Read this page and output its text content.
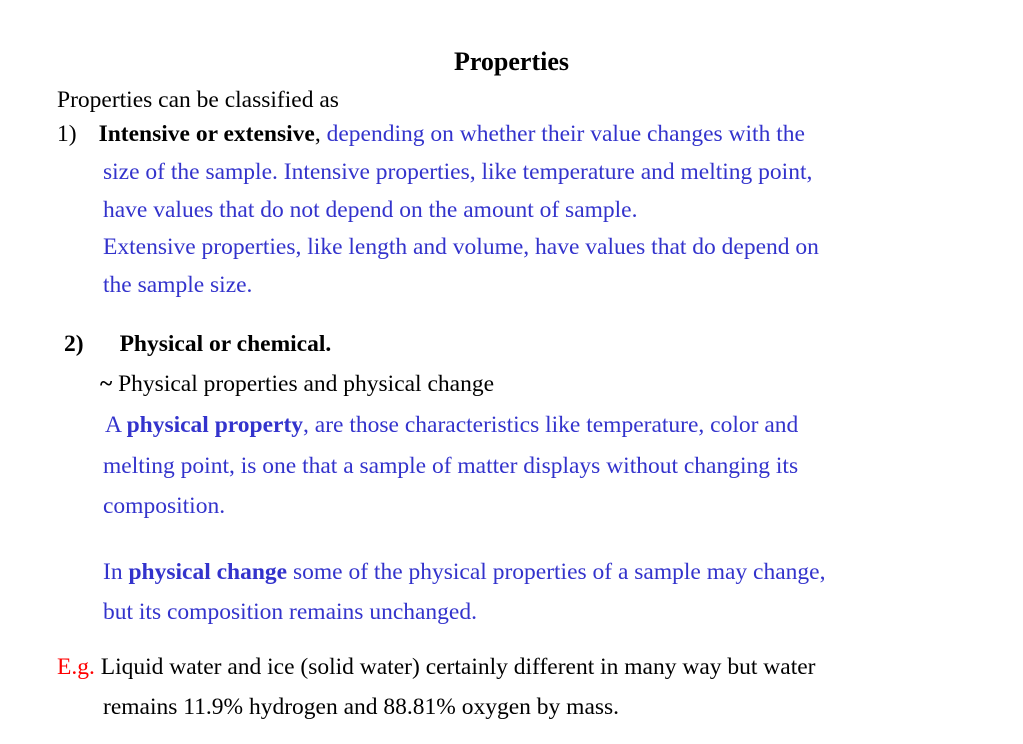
Properties
Properties can be classified as
1) Intensive or extensive, depending on whether their value changes with the
size of the sample. Intensive properties, like temperature and melting point,
have values that do not depend on the amount of sample.
Extensive properties, like length and volume, have values that do depend on
the sample size.
2) Physical or chemical.
~ Physical properties and physical change
A physical property, are those characteristics like temperature, color and
melting point, is one that a sample of matter displays without changing its
composition.
In physical change some of the physical properties of a sample may change,
but its composition remains unchanged.
E.g. Liquid water and ice (solid water) certainly different in many way but water
remains 11.9% hydrogen and 88.81% oxygen by mass.
